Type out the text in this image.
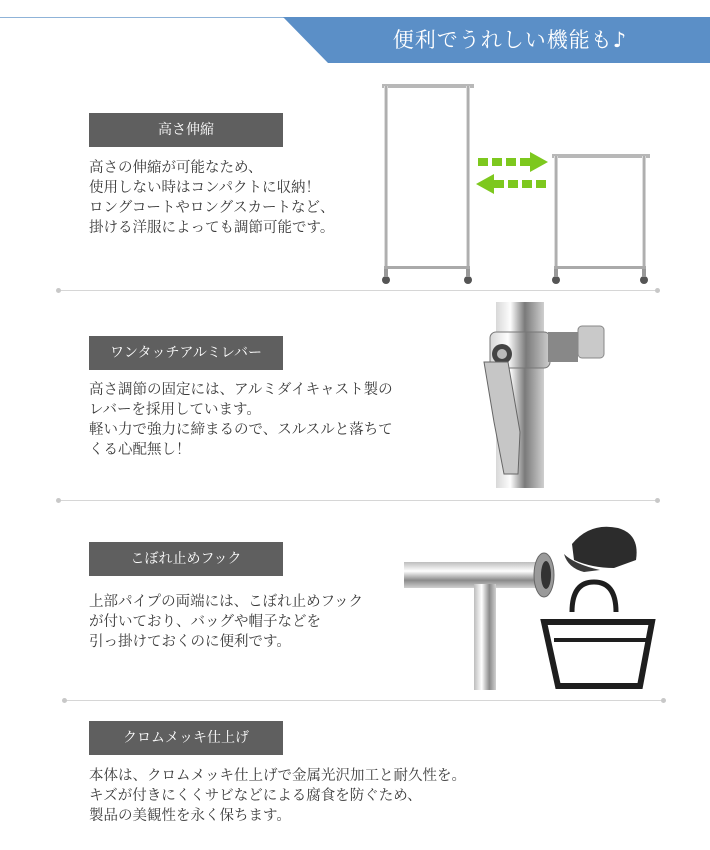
便利でうれしい機能も♪
高さ伸縮
高さの伸縮が可能なため、
使用しない時はコンパクトに収納！
ロングコートやロングスカートなど、
掛ける洋服によっても調節可能です。
ワンタッチアルミレバー
高さ調節の固定には、アルミダイキャスト製の
レバーを採用しています。
軽い力で強力に締まるので、スルスルと落ちて
くる心配無し！
こぼれ止めフック
上部パイプの両端には、こぼれ止めフック
が付いており、バッグや帽子などを
引っ掛けておくのに便利です。
クロムメッキ仕上げ
本体は、クロムメッキ仕上げで金属光沢加工と耐久性を。
キズが付きにくくサビなどによる腐食を防ぐため、
製品の美観性を永く保ちます。
